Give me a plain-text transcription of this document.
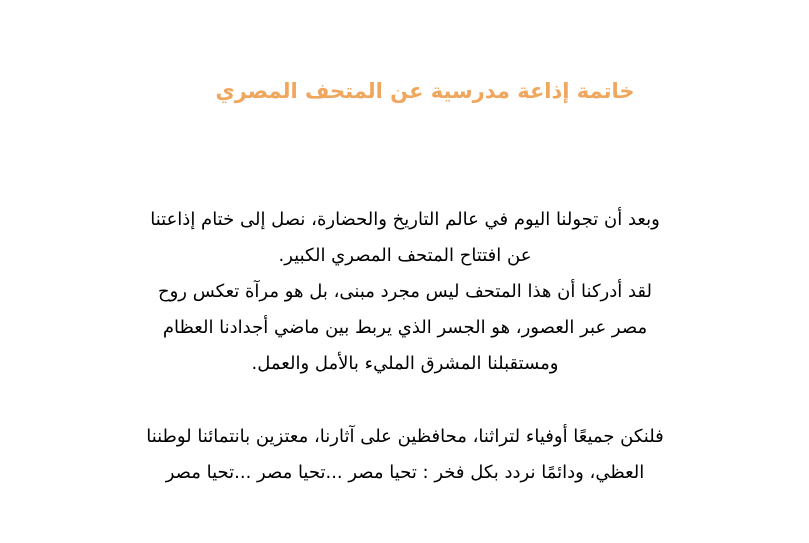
خاتمة إذاعة مدرسية عن المتحف المصري
وبعد أن تجولنا اليوم في عالم التاريخ والحضارة، نصل إلى ختام إذاعتنا
عن افتتاح المتحف المصري الكبير.
لقد أدركنا أن هذا المتحف ليس مجرد مبنى، بل هو مرآة تعكس روح
مصر عبر العصور، هو الجسر الذي يربط بين ماضي أجدادنا العظام
ومستقبلنا المشرق المليء بالأمل والعمل.
فلنكن جميعًا أوفياء لتراثنا، محافظين على آثارنا، معتزين بانتمائنا لوطننا
العظي، ودائمًا نردد بكل فخر : تحيا مصر ...تحيا مصر ...تحيا مصر
